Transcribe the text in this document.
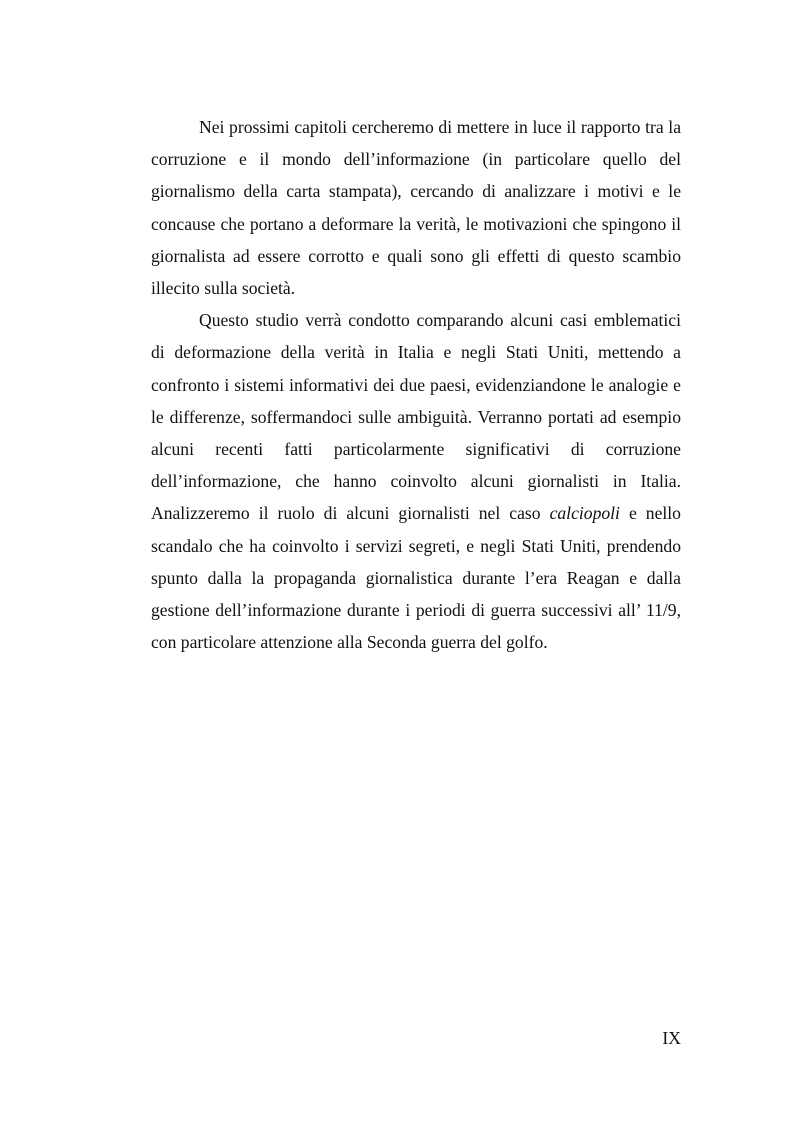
Nei prossimi capitoli cercheremo di mettere in luce il rapporto tra la corruzione e il mondo dell’informazione (in particolare quello del giornalismo della carta stampata), cercando di analizzare i motivi e le concause che portano a deformare la verità, le motivazioni che spingono il giornalista ad essere corrotto e quali sono gli effetti di questo scambio illecito sulla società.

Questo studio verrà condotto comparando alcuni casi emblematici di deformazione della verità in Italia e negli Stati Uniti, mettendo a confronto i sistemi informativi dei due paesi, evidenziandone le analogie e le differenze, soffermandoci sulle ambiguità. Verranno portati ad esempio alcuni recenti fatti particolarmente significativi di corruzione dell’informazione, che hanno coinvolto alcuni giornalisti in Italia. Analizzeremo il ruolo di alcuni giornalisti nel caso calciopoli e nello scandalo che ha coinvolto i servizi segreti, e negli Stati Uniti, prendendo spunto dalla la propaganda giornalistica durante l’era Reagan e dalla gestione dell’informazione durante i periodi di guerra successivi all’ 11/9, con particolare attenzione alla Seconda guerra del golfo.

IX
